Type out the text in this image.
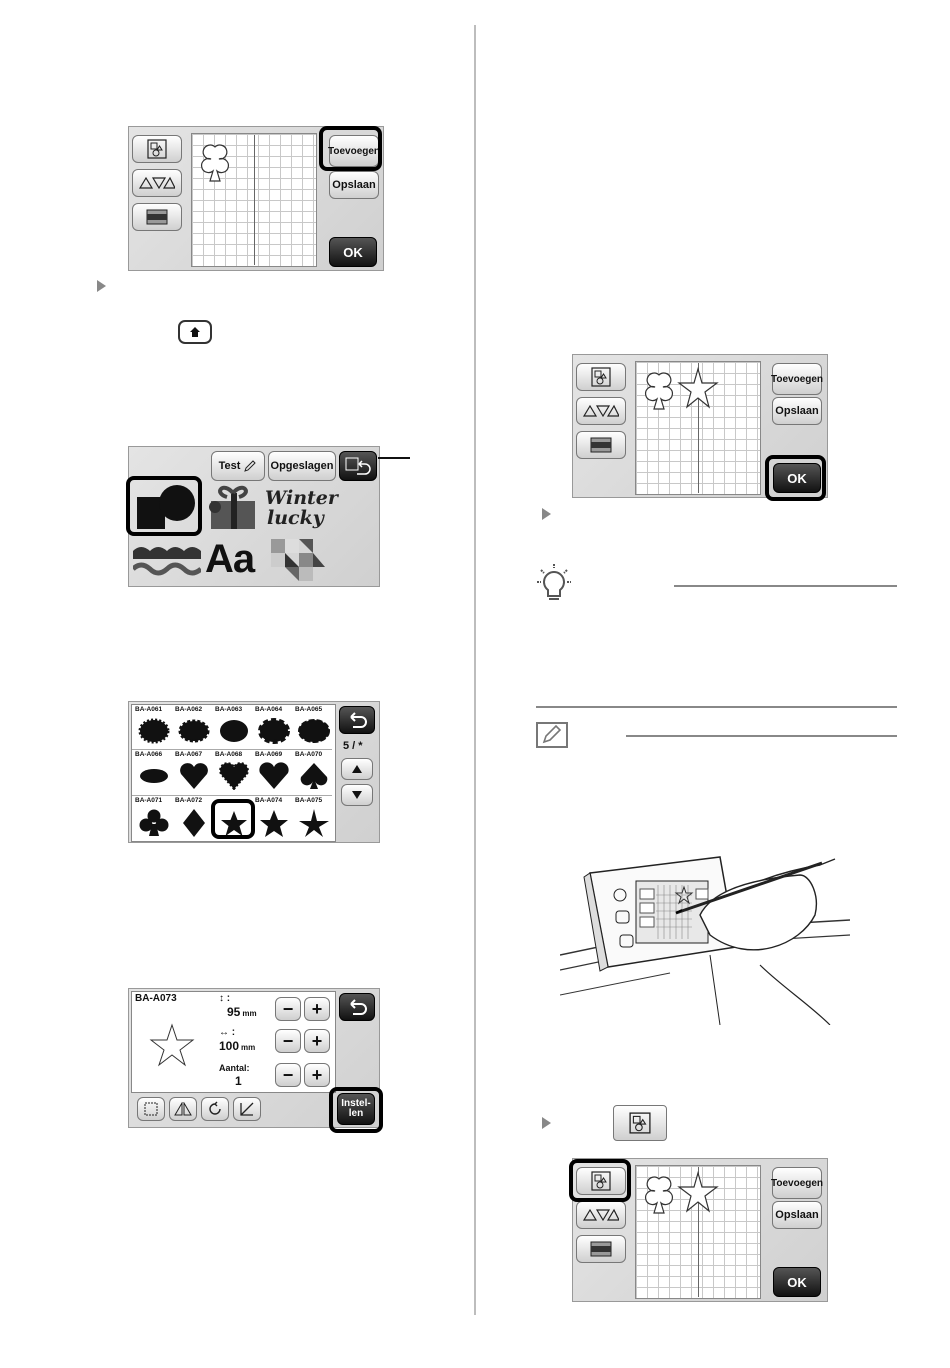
Toevoegen
Opslaan
OK
Test	Opgeslagen
Winter
lucky
Aa
BA-A061 BA-A062 BA-A063 BA-A064 BA-A065
BA-A066 BA-A067 BA-A068 BA-A069 BA-A070
BA-A071 BA-A072	BA-A074 BA-A075
5 / *
BA-A073	↕ :
95 mm
↔ :
100 mm
Aantal:
1
−	+
−	+
−	+
Instel-
len
Toevoegen
Opslaan
OK
Toevoegen
Opslaan
OK
